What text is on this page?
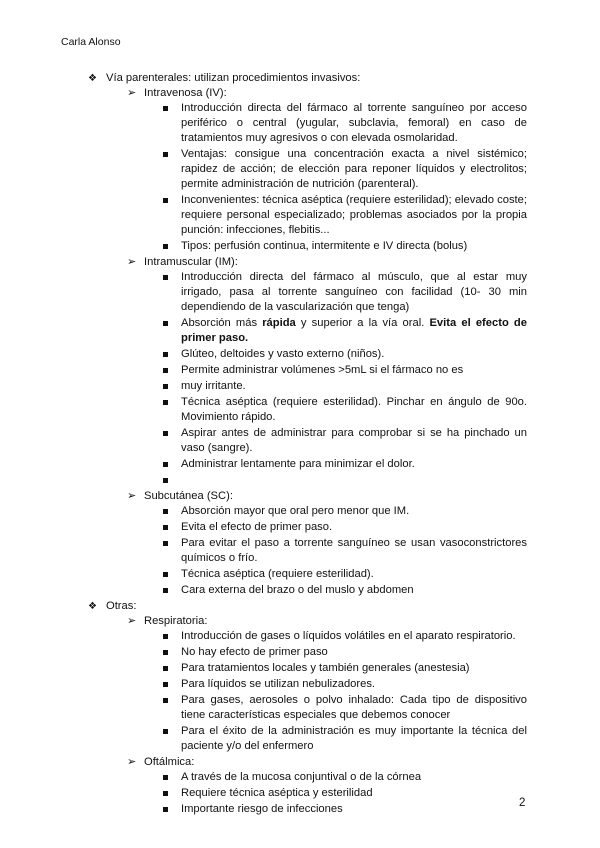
Carla Alonso
❖ Vía parenterales: utilizan procedimientos invasivos:
➢ Intravenosa (IV):
Introducción directa del fármaco al torrente sanguíneo por acceso periférico o central (yugular, subclavia, femoral) en caso de tratamientos muy agresivos o con elevada osmolaridad.
Ventajas: consigue una concentración exacta a nivel sistémico; rapidez de acción; de elección para reponer líquidos y electrolitos; permite administración de nutrición (parenteral).
Inconvenientes: técnica aséptica (requiere esterilidad); elevado coste; requiere personal especializado; problemas asociados por la propia punción: infecciones, flebitis...
Tipos: perfusión continua, intermitente e IV directa (bolus)
➢ Intramuscular (IM):
Introducción directa del fármaco al músculo, que al estar muy irrigado, pasa al torrente sanguíneo con facilidad (10- 30 min dependiendo de la vascularización que tenga)
Absorción más rápida y superior a la vía oral. Evita el efecto de primer paso.
Glúteo, deltoides y vasto externo (niños).
Permite administrar volúmenes >5mL si el fármaco no es
muy irritante.
Técnica aséptica (requiere esterilidad). Pinchar en ángulo de 90o. Movimiento rápido.
Aspirar antes de administrar para comprobar si se ha pinchado un vaso (sangre).
Administrar lentamente para minimizar el dolor.
➢ Subcutánea (SC):
Absorción mayor que oral pero menor que IM.
Evita el efecto de primer paso.
Para evitar el paso a torrente sanguíneo se usan vasoconstrictores químicos o frío.
Técnica aséptica (requiere esterilidad).
Cara externa del brazo o del muslo y abdomen
❖ Otras:
➢ Respiratoria:
Introducción de gases o líquidos volátiles en el aparato respiratorio.
No hay efecto de primer paso
Para tratamientos locales y también generales (anestesia)
Para líquidos se utilizan nebulizadores.
Para gases, aerosoles o polvo inhalado: Cada tipo de dispositivo tiene características especiales que debemos conocer
Para el éxito de la administración es muy importante la técnica del paciente y/o del enfermero
➢ Oftálmica:
A través de la mucosa conjuntival o de la córnea
Requiere técnica aséptica y esterilidad
Importante riesgo de infecciones	2
